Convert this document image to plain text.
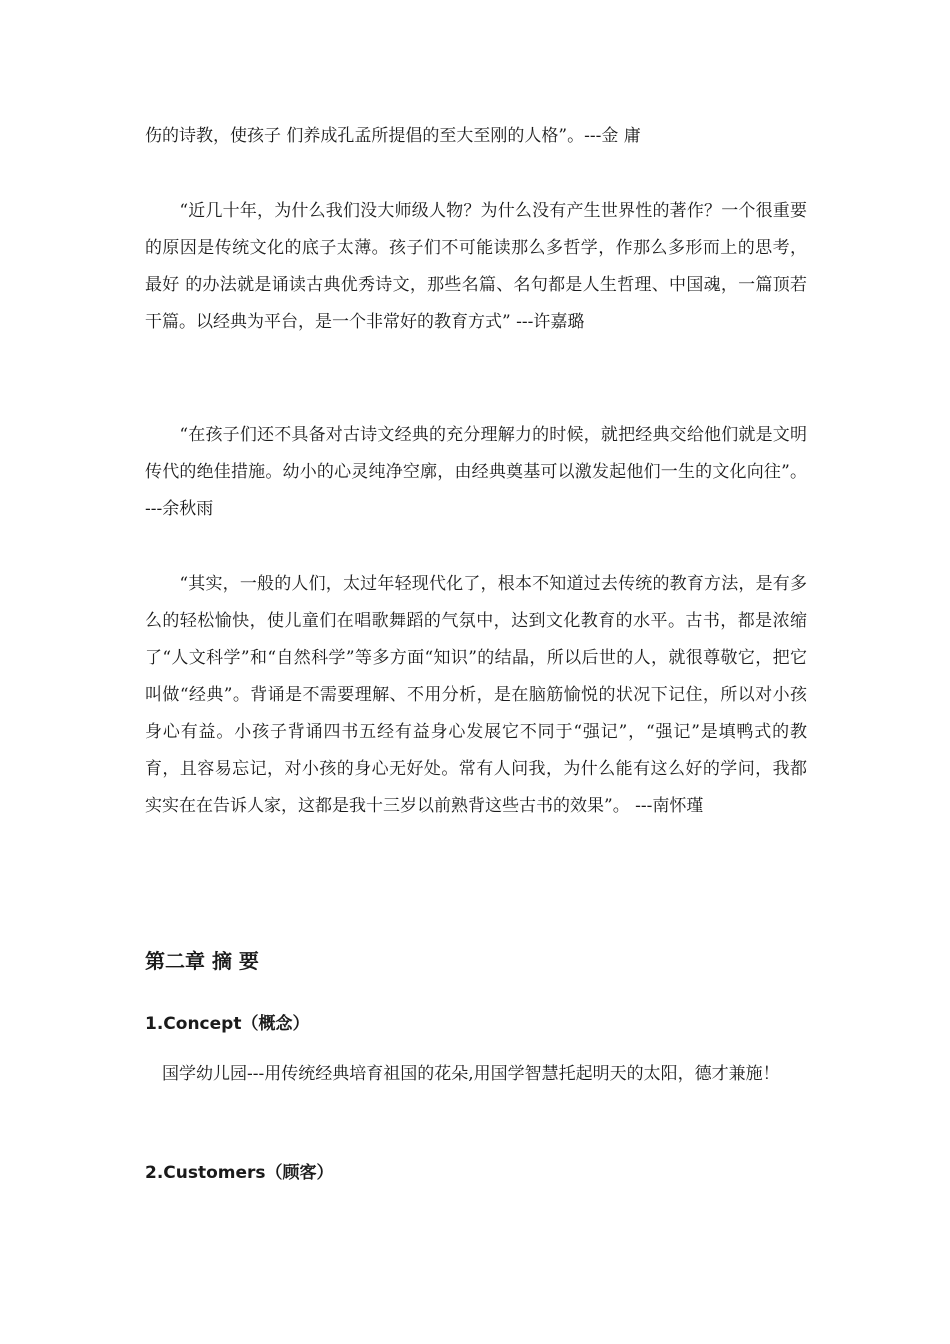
伤的诗教，使孩子 们养成孔孟所提倡的至大至刚的人格”。---金 庸

　　“近几十年，为什么我们没大师级人物？为什么没有产生世界性的著作？一个很重要的原因是传统文化的底子太薄。孩子们不可能读那么多哲学，作那么多形而上的思考，最好 的办法就是诵读古典优秀诗文，那些名篇、名句都是人生哲理、中国魂，一篇顶若干篇。以经典为平台，是一个非常好的教育方式” ---许嘉璐

　　“在孩子们还不具备对古诗文经典的充分理解力的时候，就把经典交给他们就是文明传代的绝佳措施。幼小的心灵纯净空廓，由经典奠基可以激发起他们一生的文化向往”。 ---余秋雨

　　“其实，一般的人们，太过年轻现代化了，根本不知道过去传统的教育方法，是有多么的轻松愉快，使儿童们在唱歌舞蹈的气氛中，达到文化教育的水平。古书，都是浓缩了“人文科学”和“自然科学”等多方面“知识”的结晶，所以后世的人，就很尊敬它，把它叫做“经典”。背诵是不需要理解、不用分析，是在脑筋愉悦的状况下记住，所以对小孩身心有益。小孩子背诵四书五经有益身心发展它不同于“强记”，“强记”是填鸭式的教育，且容易忘记，对小孩的身心无好处。常有人问我，为什么能有这么好的学问，我都实实在在告诉人家，这都是我十三岁以前熟背这些古书的效果”。 ---南怀瑾

第二章 摘 要
1.Concept（概念）

　国学幼儿园---用传统经典培育祖国的花朵,用国学智慧托起明天的太阳，德才兼施！

2.Customers（顾客）
